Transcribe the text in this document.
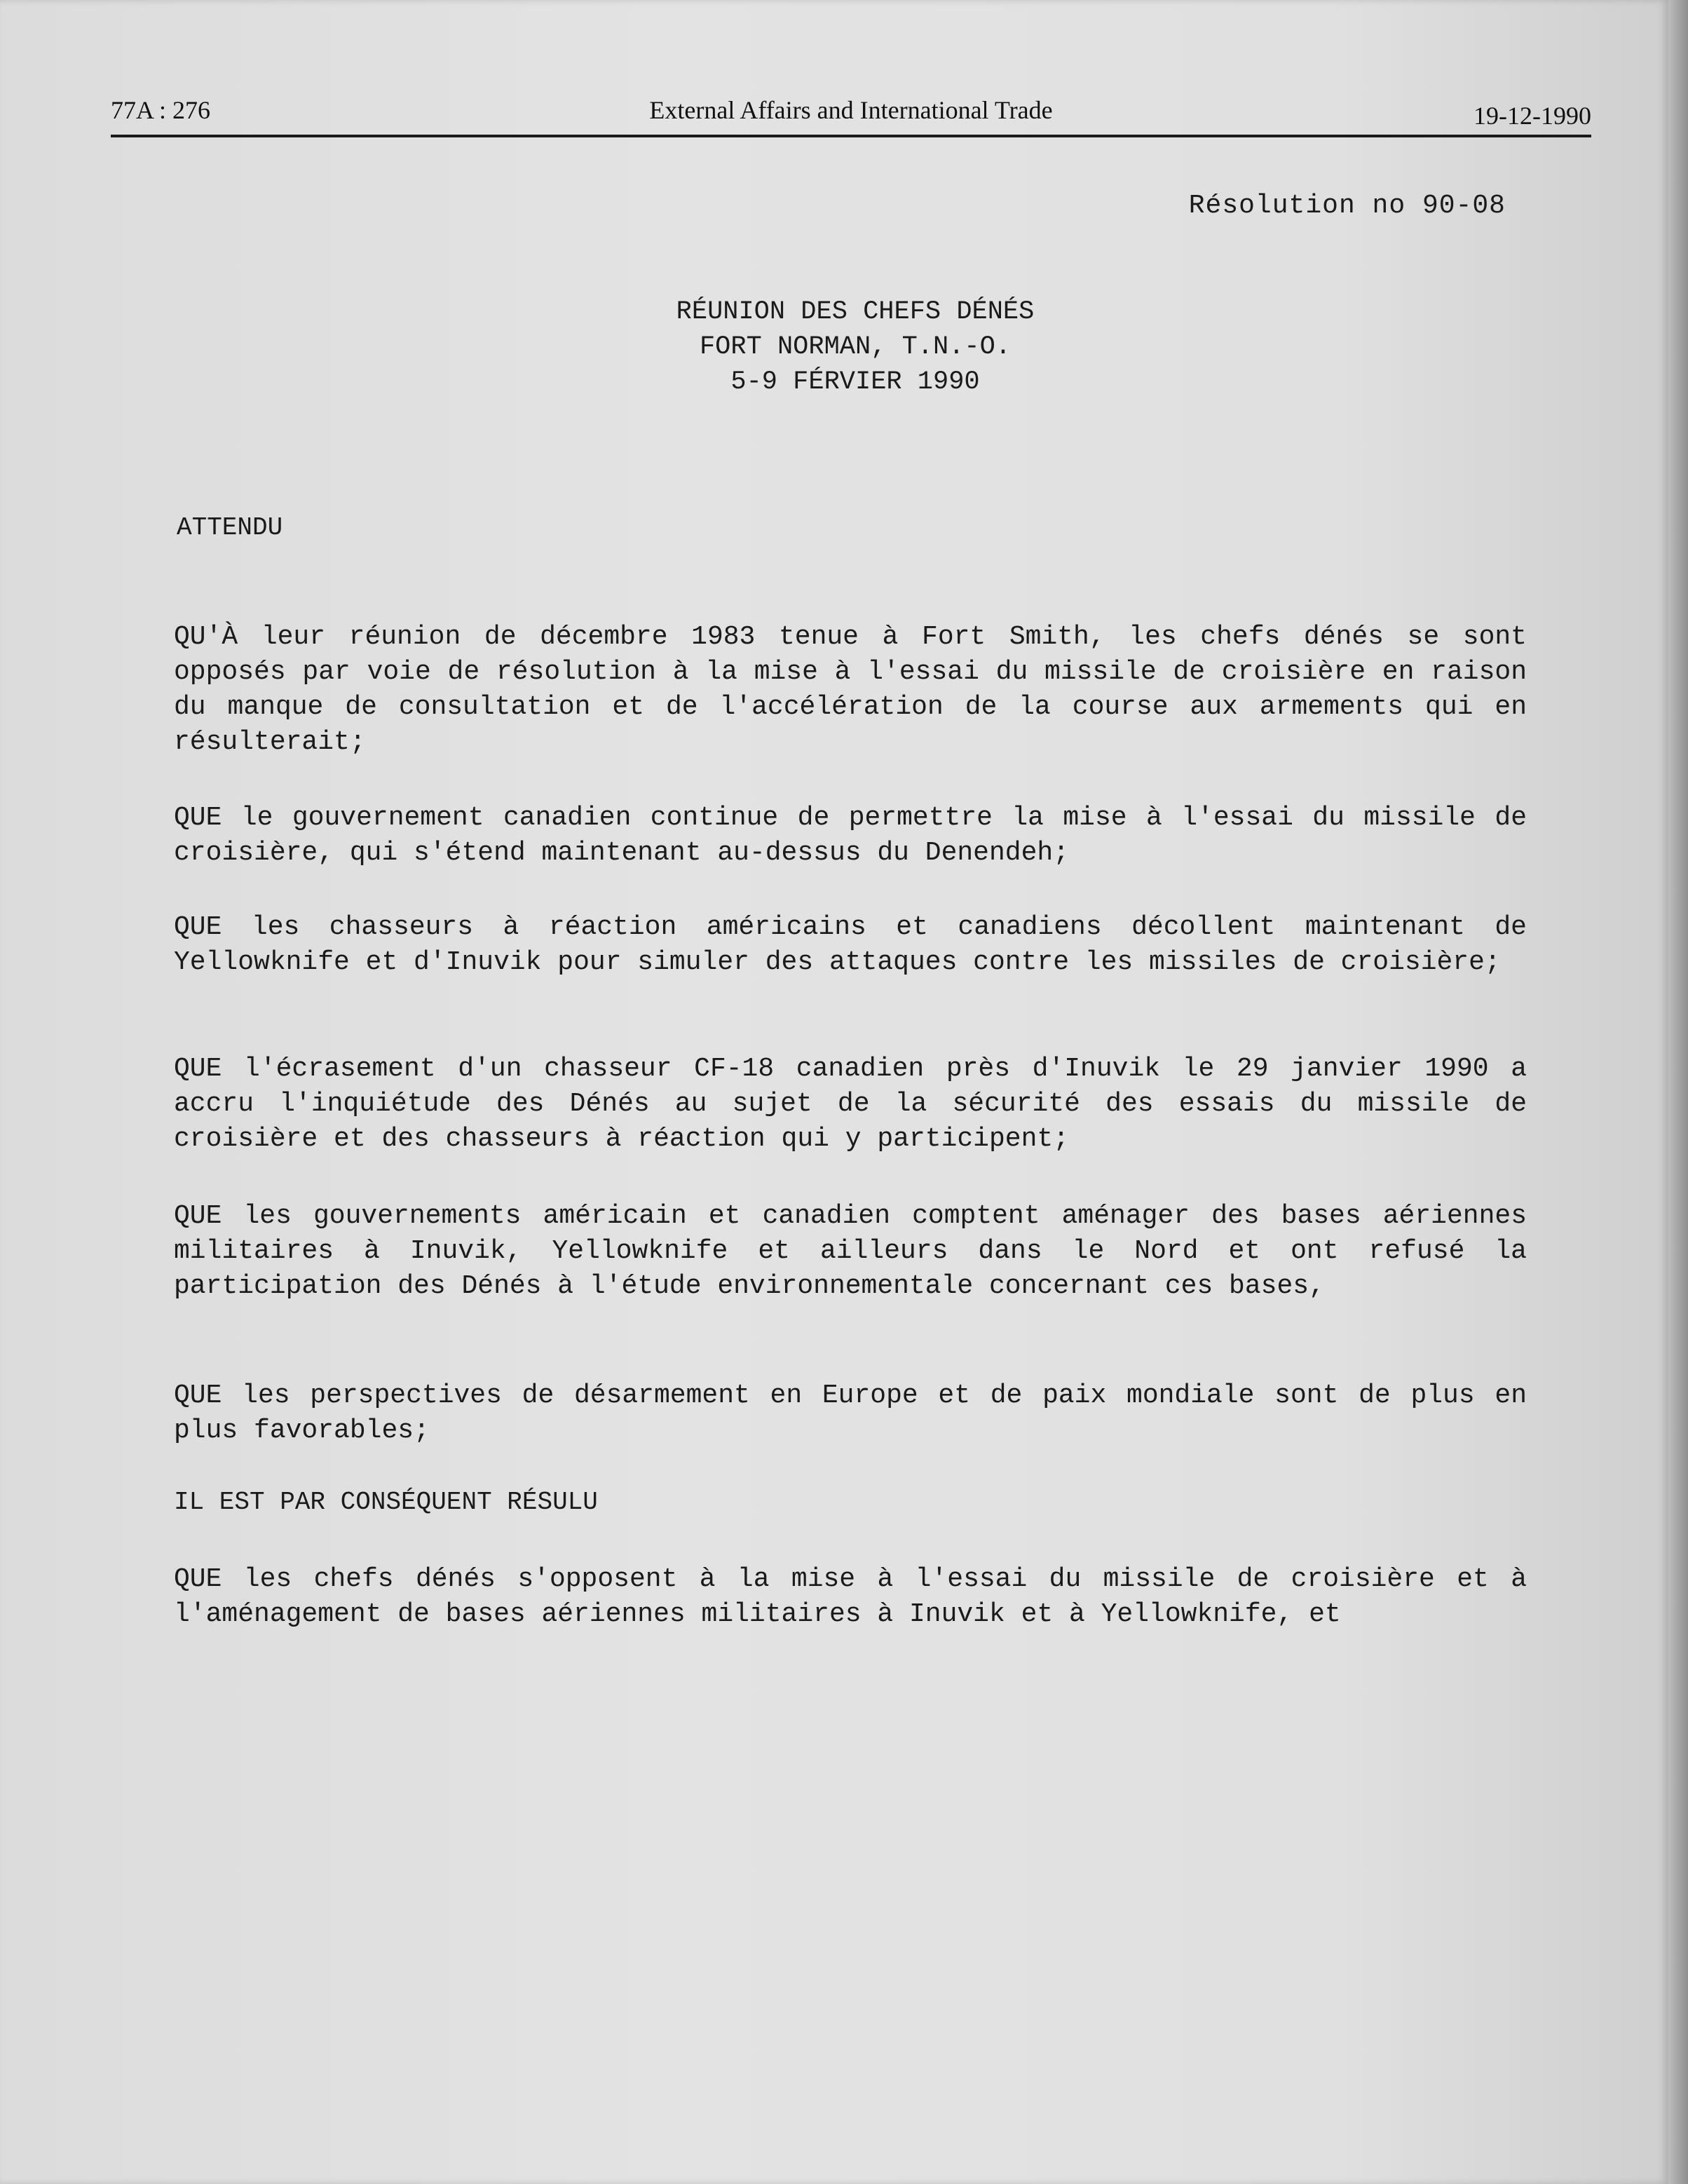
77A : 276	External Affairs and International Trade	19-12-1990
Résolution no 90-08
RÉUNION DES CHEFS DÉNÉS
FORT NORMAN, T.N.-O.
5-9 FÉRVIER 1990
ATTENDU

QU'À leur réunion de décembre 1983 tenue à Fort Smith, les chefs dénés se sont opposés par voie de résolution à la mise à l'essai du missile de croisière en raison du manque de consultation et de l'accélération de la course aux armements qui en résulterait;

QUE le gouvernement canadien continue de permettre la mise à l'essai du missile de croisière, qui s'étend maintenant au-dessus du Denendeh;

QUE les chasseurs à réaction américains et canadiens décollent maintenant de Yellowknife et d'Inuvik pour simuler des attaques contre les missiles de croisière;

QUE l'écrasement d'un chasseur CF-18 canadien près d'Inuvik le 29 janvier 1990 a accru l'inquiétude des Dénés au sujet de la sécurité des essais du missile de croisière et des chasseurs à réaction qui y participent;

QUE les gouvernements américain et canadien comptent aménager des bases aériennes militaires à Inuvik, Yellowknife et ailleurs dans le Nord et ont refusé la participation des Dénés à l'étude environnementale concernant ces bases,

QUE les perspectives de désarmement en Europe et de paix mondiale sont de plus en plus favorables;

IL EST PAR CONSÉQUENT RÉSULU

QUE les chefs dénés s'opposent à la mise à l'essai du missile de croisière et à l'aménagement de bases aériennes militaires à Inuvik et à Yellowknife, et
